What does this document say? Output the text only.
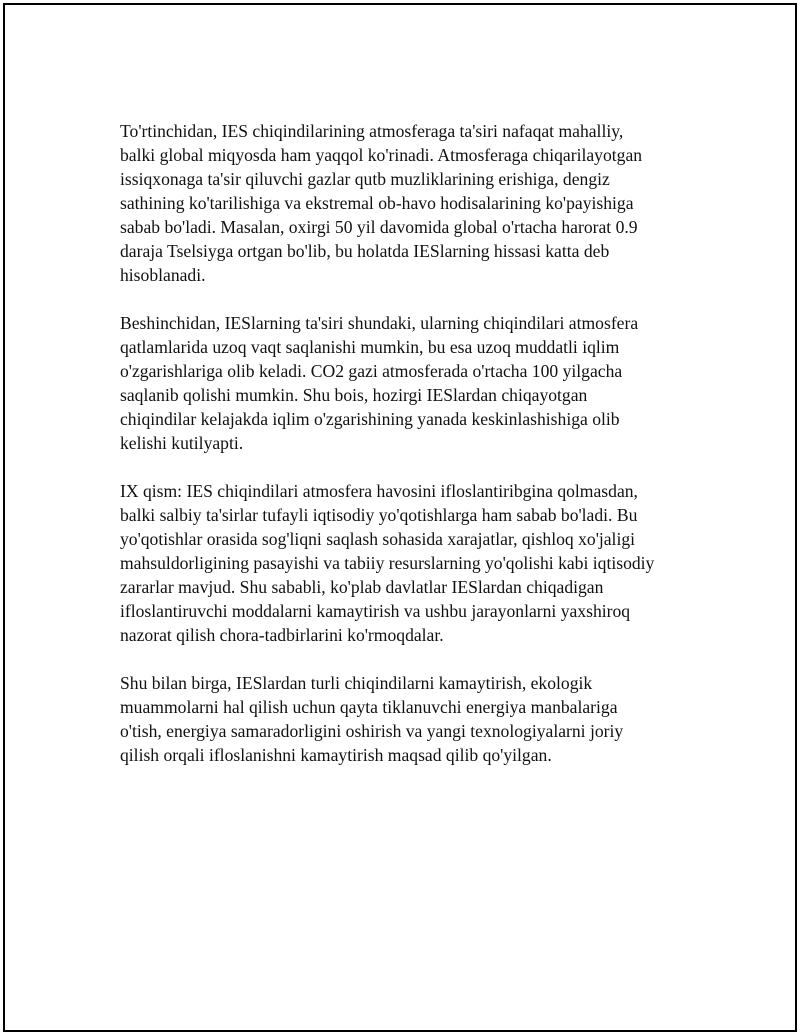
To'rtinchidan, IES chiqindilarining atmosferaga ta'siri nafaqat mahalliy,
balki global miqyosda ham yaqqol ko'rinadi. Atmosferaga chiqarilayotgan
issiqxonaga ta'sir qiluvchi gazlar qutb muzliklarining erishiga, dengiz
sathining ko'tarilishiga va ekstremal ob-havo hodisalarining ko'payishiga
sabab bo'ladi. Masalan, oxirgi 50 yil davomida global o'rtacha harorat 0.9
daraja Tselsiyga ortgan bo'lib, bu holatda IESlarning hissasi katta deb
hisoblanadi.

Beshinchidan, IESlarning ta'siri shundaki, ularning chiqindilari atmosfera
qatlamlarida uzoq vaqt saqlanishi mumkin, bu esa uzoq muddatli iqlim
o'zgarishlariga olib keladi. CO2 gazi atmosferada o'rtacha 100 yilgacha
saqlanib qolishi mumkin. Shu bois, hozirgi IESlardan chiqayotgan
chiqindilar kelajakda iqlim o'zgarishining yanada keskinlashishiga olib
kelishi kutilyapti.

IX qism: IES chiqindilari atmosfera havosini ifloslantiribgina qolmasdan,
balki salbiy ta'sirlar tufayli iqtisodiy yo'qotishlarga ham sabab bo'ladi. Bu
yo'qotishlar orasida sog'liqni saqlash sohasida xarajatlar, qishloq xo'jaligi
mahsuldorligining pasayishi va tabiiy resurslarning yo'qolishi kabi iqtisodiy
zararlar mavjud. Shu sababli, ko'plab davlatlar IESlardan chiqadigan
ifloslantiruvchi moddalarni kamaytirish va ushbu jarayonlarni yaxshiroq
nazorat qilish chora-tadbirlarini ko'rmoqdalar.

Shu bilan birga, IESlardan turli chiqindilarni kamaytirish, ekologik
muammolarni hal qilish uchun qayta tiklanuvchi energiya manbalariga
o'tish, energiya samaradorligini oshirish va yangi texnologiyalarni joriy
qilish orqali ifloslanishni kamaytirish maqsad qilib qo'yilgan.
